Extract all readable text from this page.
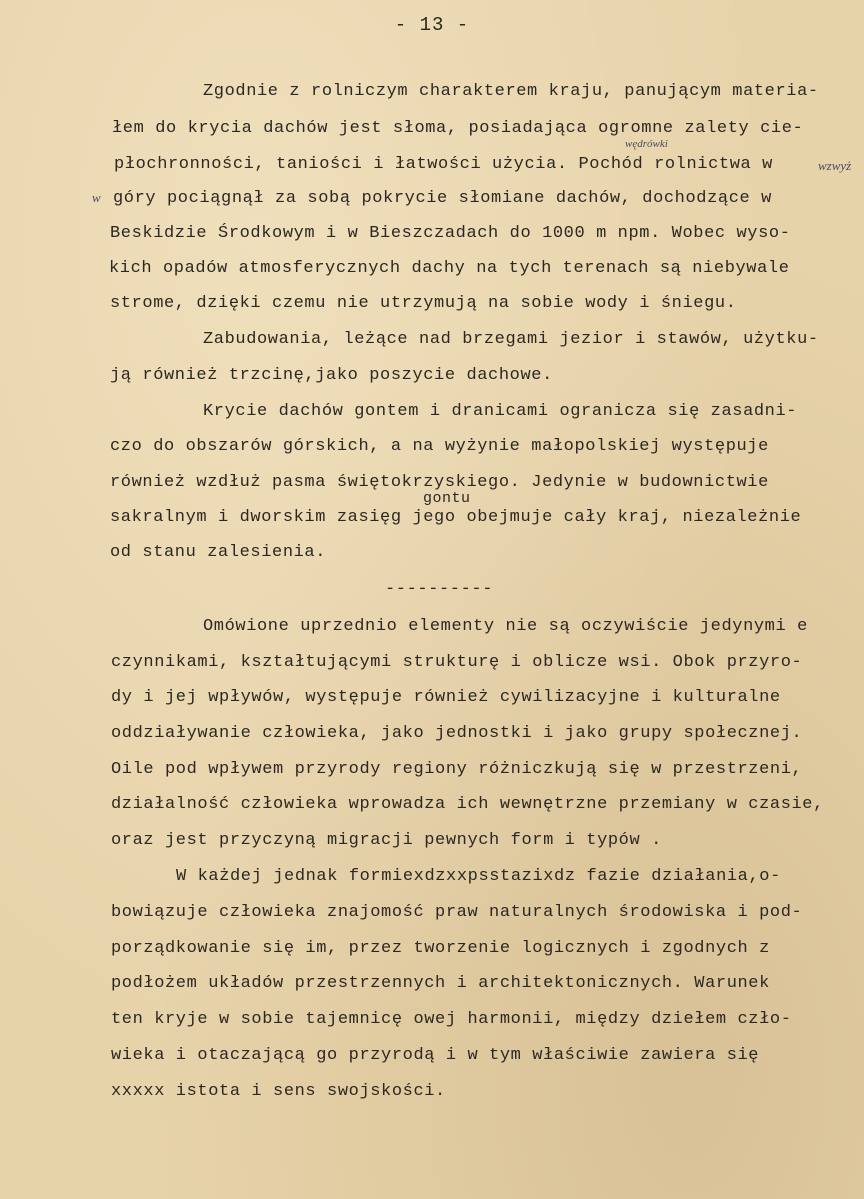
- 13 -
Zgodnie z rolniczym charakterem kraju, panującym materia-
łem do krycia dachów jest słoma, posiadająca ogromne zalety cie-
płochronności, taniości i łatwości użycia. Pochód rolnictwa w
góry pociągnął za sobą pokrycie słomiane dachów, dochodzące w
Beskidzie Środkowym i w Bieszczadach do 1000 m npm. Wobec wyso-
kich opadów atmosferycznych dachy na tych terenach są niebywale
strome, dzięki czemu nie utrzymują na sobie wody i śniegu.
wędrówki
wzwyż
w
Zabudowania, leżące nad brzegami jezior i stawów, użytku-
ją również trzcinę,jako poszycie dachowe.
Krycie dachów gontem i dranicami ogranicza się zasadni-
czo do obszarów górskich, a na wyżynie małopolskiej występuje
również wzdłuż pasma świętokrzyskiego. Jedynie w budownictwie
gontu
sakralnym i dworskim zasięg jego obejmuje cały kraj, niezależnie
od stanu zalesienia.
----------
Omówione uprzednio elementy nie są oczywiście jedynymi e
czynnikami, kształtującymi strukturę i oblicze wsi. Obok przyro-
dy i jej wpływów, występuje również cywilizacyjne i kulturalne
oddziaływanie człowieka, jako jednostki i jako grupy społecznej.
Oile pod wpływem przyrody regiony różniczkują się w przestrzeni,
działalność człowieka wprowadza ich wewnętrzne przemiany w czasie,
oraz jest przyczyną migracji pewnych form i typów .
W każdej jednak formiexdzxxpsstazixdz fazie działania,o-
bowiązuje człowieka znajomość praw naturalnych środowiska i pod-
porządkowanie się im, przez tworzenie logicznych i zgodnych z
podłożem układów przestrzennych i architektonicznych. Warunek
ten kryje w sobie tajemnicę owej harmonii, między dziełem czło-
wieka i otaczającą go przyrodą i w tym właściwie zawiera się
xxxxx istota i sens swojskości.
